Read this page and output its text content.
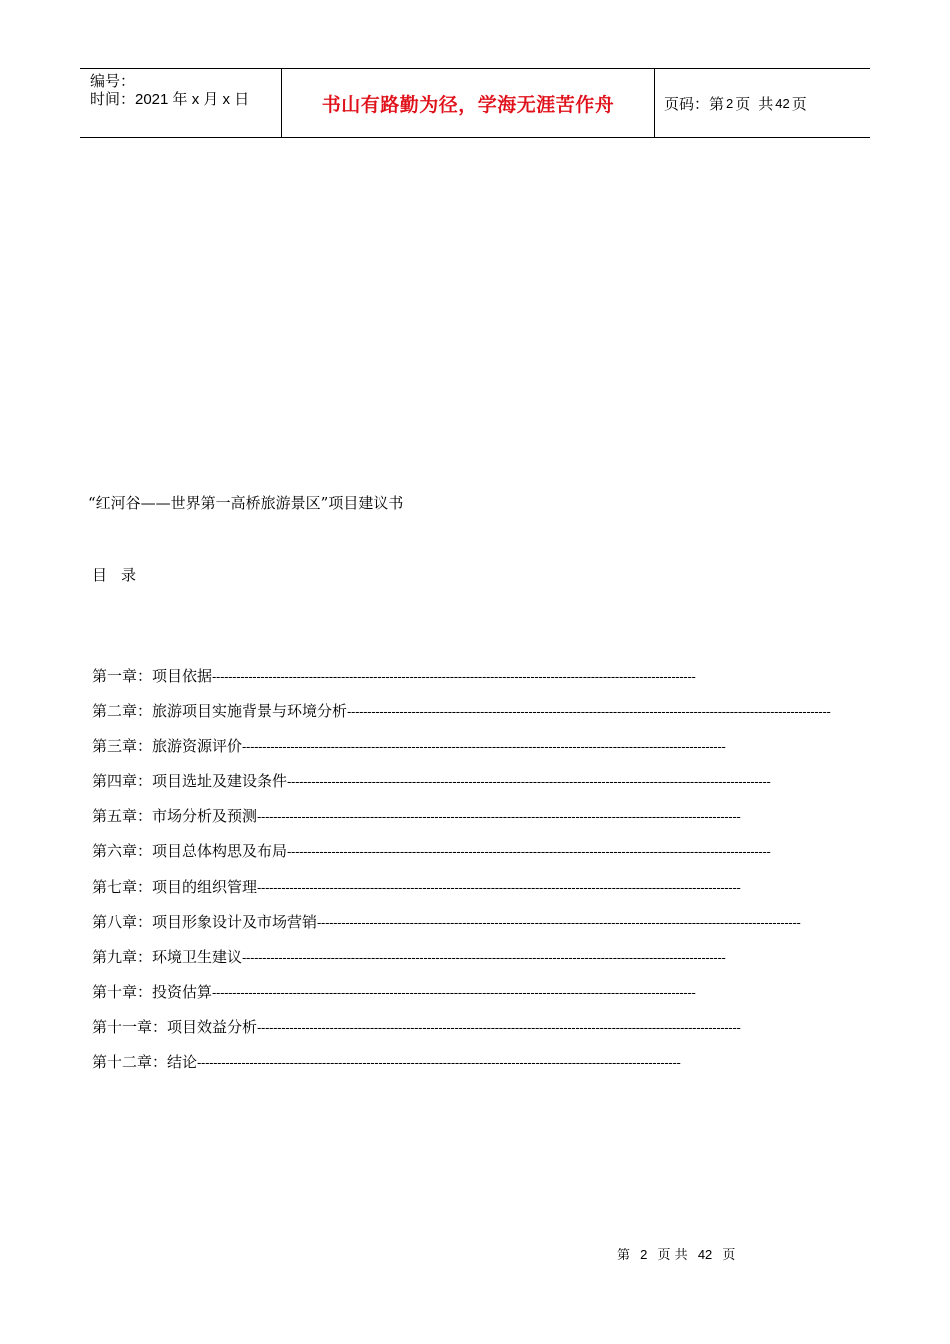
编号：
时间：2021 年 x 月 x 日	书山有路勤为径，学海无涯苦作舟	页码：第 2 页 共 42 页
“红河谷——世界第一高桥旅游景区”项目建议书
目录
第一章：项目依据 ------------------------------------------------------------------------------------------------------------------------
第二章：旅游项目实施背景与环境分析 ------------------------------------------------------------------------------------------------------------------------
第三章：旅游资源评价 ------------------------------------------------------------------------------------------------------------------------
第四章：项目选址及建设条件 ------------------------------------------------------------------------------------------------------------------------
第五章：市场分析及预测 ------------------------------------------------------------------------------------------------------------------------
第六章：项目总体构思及布局 ------------------------------------------------------------------------------------------------------------------------
第七章：项目的组织管理 ------------------------------------------------------------------------------------------------------------------------
第八章：项目形象设计及市场营销 ------------------------------------------------------------------------------------------------------------------------
第九章：环境卫生建议 ------------------------------------------------------------------------------------------------------------------------
第十章：投资估算 ------------------------------------------------------------------------------------------------------------------------
第十一章：项目效益分析 ------------------------------------------------------------------------------------------------------------------------
第十二章：结论 ------------------------------------------------------------------------------------------------------------------------
第 2 页 共 42 页
